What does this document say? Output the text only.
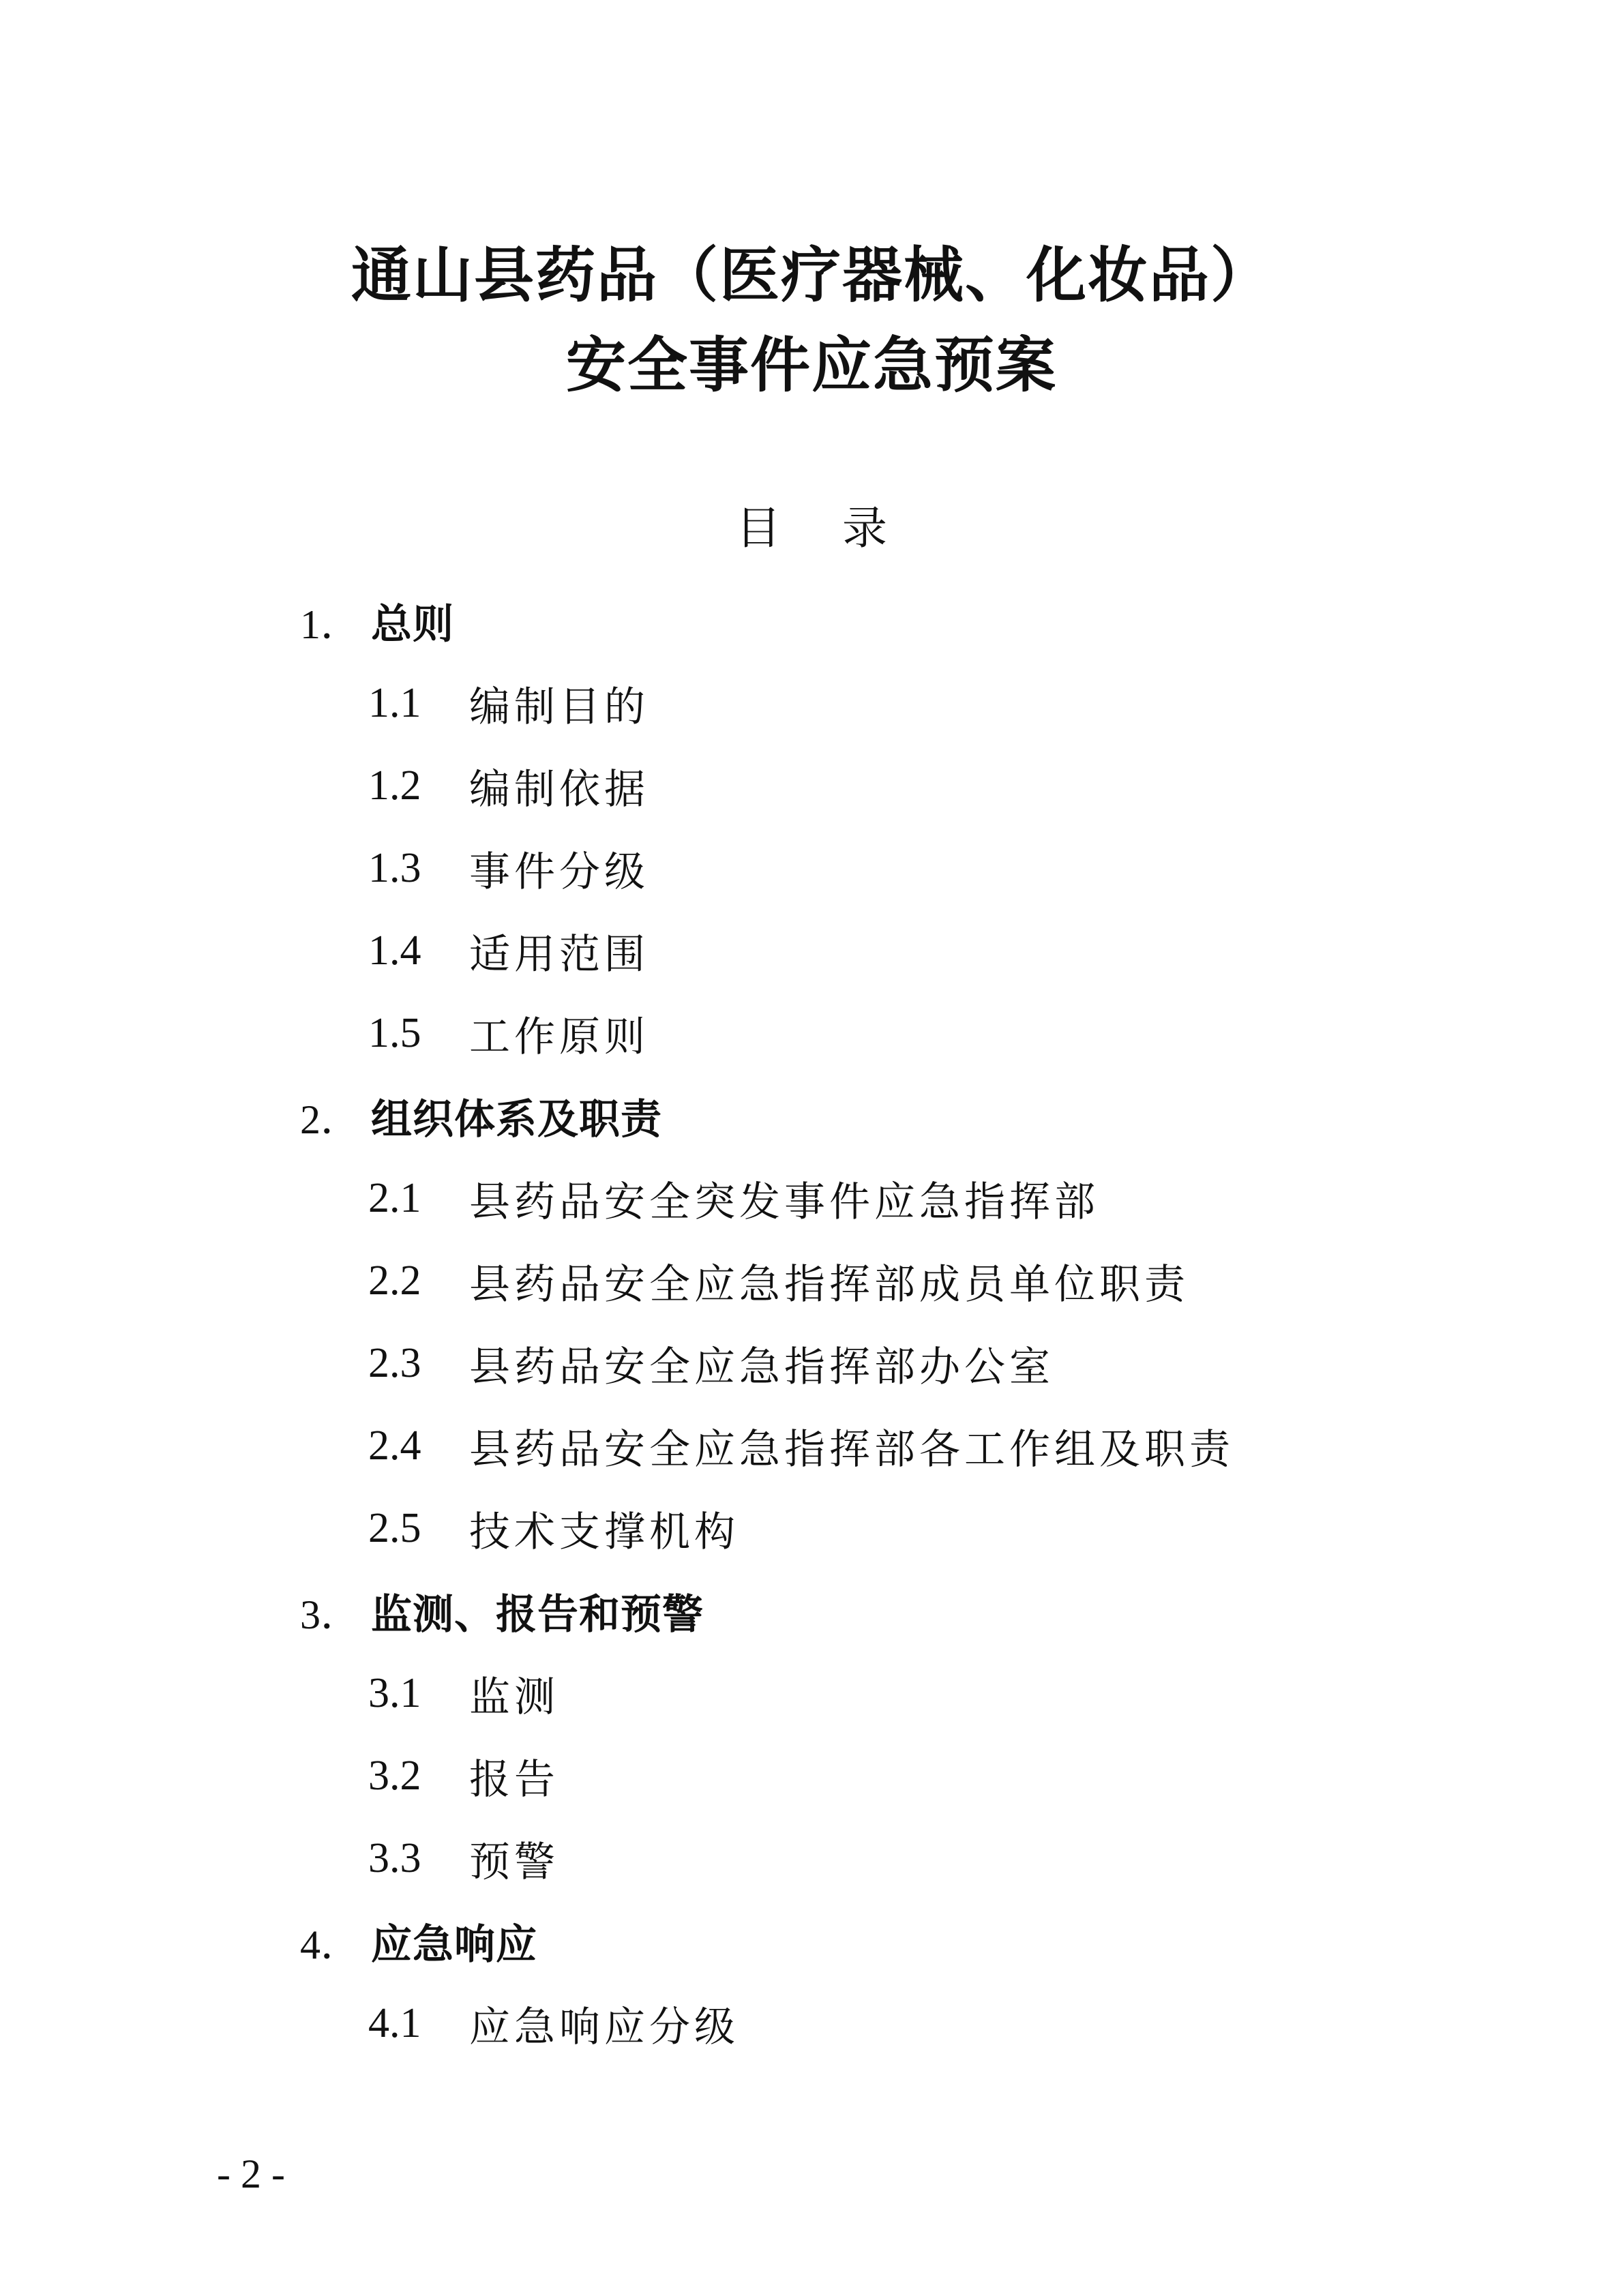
通山县药品（医疗器械、化妆品）
安全事件应急预案
目 录
1． 总则
1.1	编制目的
1.2	编制依据
1.3	事件分级
1.4	适用范围
1.5	工作原则
2． 组织体系及职责
2.1	县药品安全突发事件应急指挥部
2.2	县药品安全应急指挥部成员单位职责
2.3	县药品安全应急指挥部办公室
2.4	县药品安全应急指挥部各工作组及职责
2.5	技术支撑机构
3． 监测、报告和预警
3.1	监测
3.2	报告
3.3	预警
4． 应急响应
4.1	应急响应分级
- 2 -
